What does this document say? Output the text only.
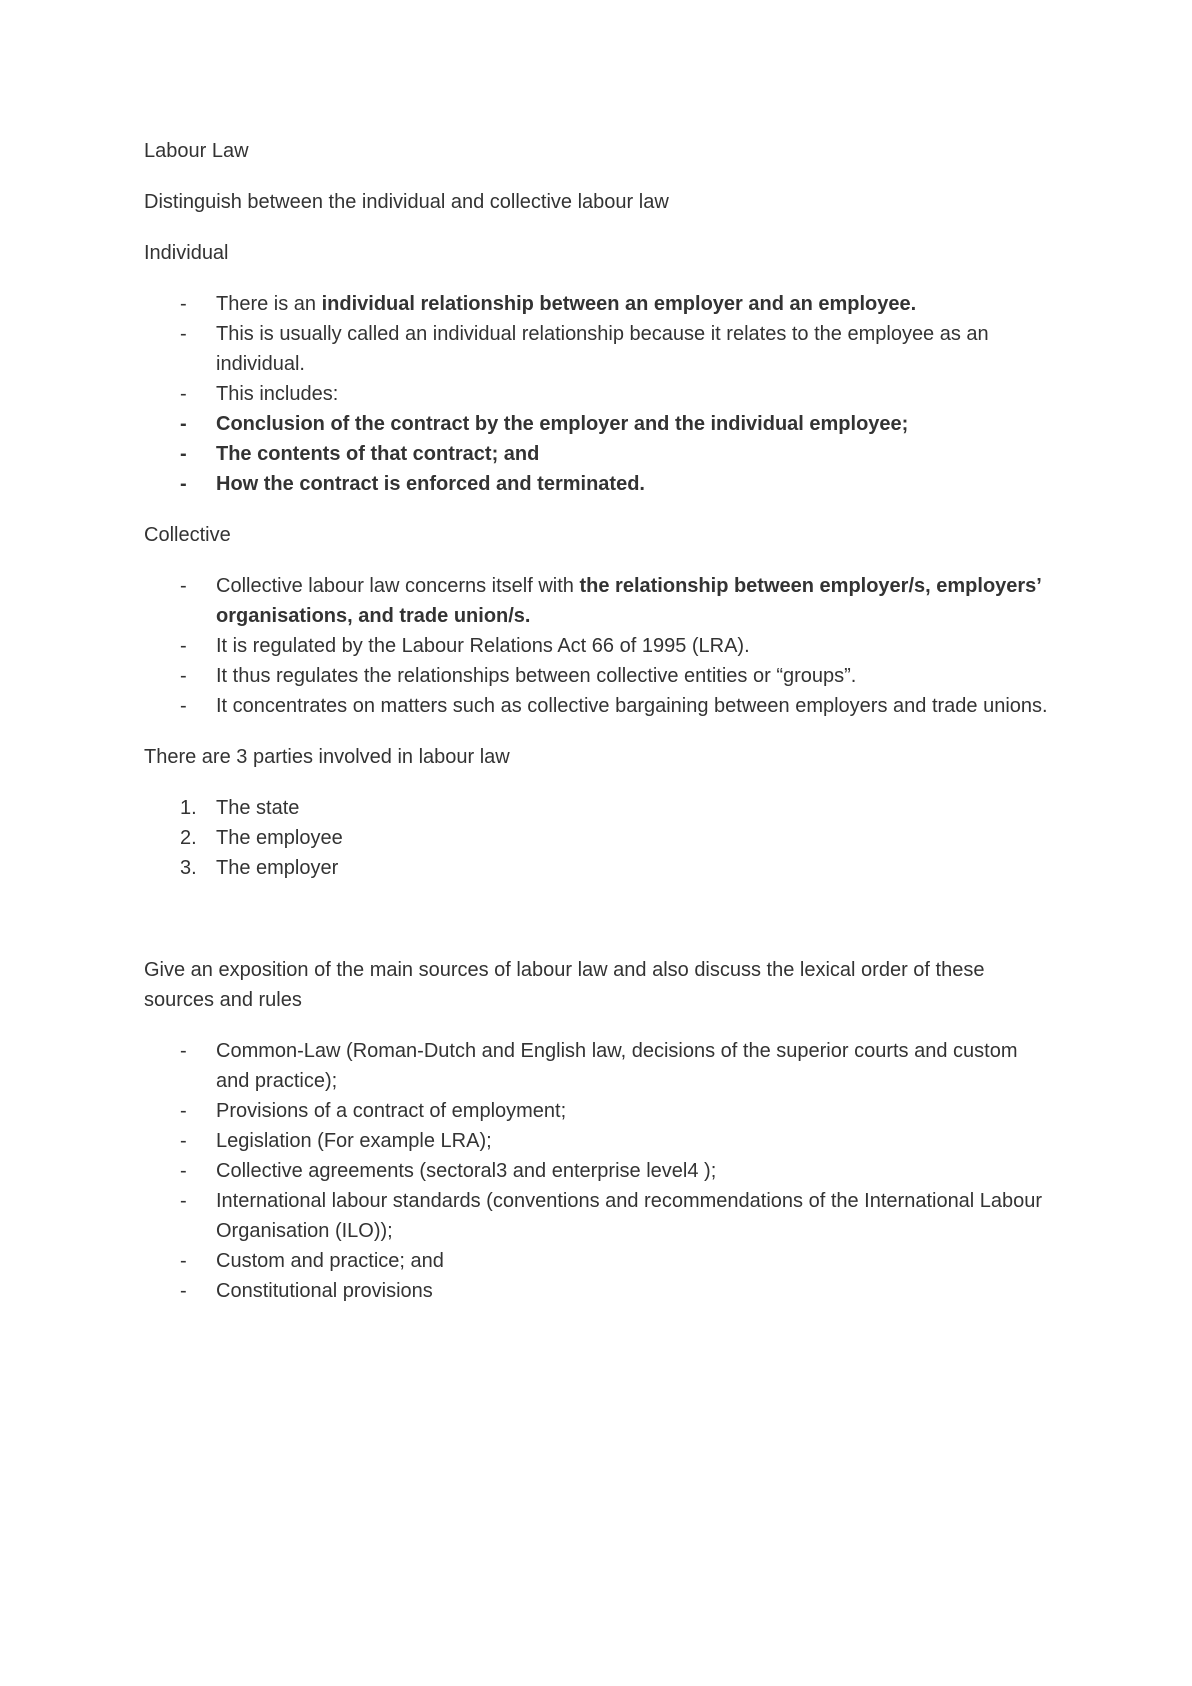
Labour Law

Distinguish between the individual and collective labour law

Individual

- There is an individual relationship between an employer and an employee.
- This is usually called an individual relationship because it relates to the employee as an individual.
- This includes:
- Conclusion of the contract by the employer and the individual employee;
- The contents of that contract; and
- How the contract is enforced and terminated.

Collective

- Collective labour law concerns itself with the relationship between employer/s, employers’ organisations, and trade union/s.
- It is regulated by the Labour Relations Act 66 of 1995 (LRA).
- It thus regulates the relationships between collective entities or “groups”.
- It concentrates on matters such as collective bargaining between employers and trade unions.

There are 3 parties involved in labour law

1. The state
2. The employee
3. The employer

Give an exposition of the main sources of labour law and also discuss the lexical order of these sources and rules

- Common-Law (Roman-Dutch and English law, decisions of the superior courts and custom and practice);
- Provisions of a contract of employment;
- Legislation (For example LRA);
- Collective agreements (sectoral3 and enterprise level4 );
- International labour standards (conventions and recommendations of the International Labour Organisation (ILO));
- Custom and practice; and
- Constitutional provisions
